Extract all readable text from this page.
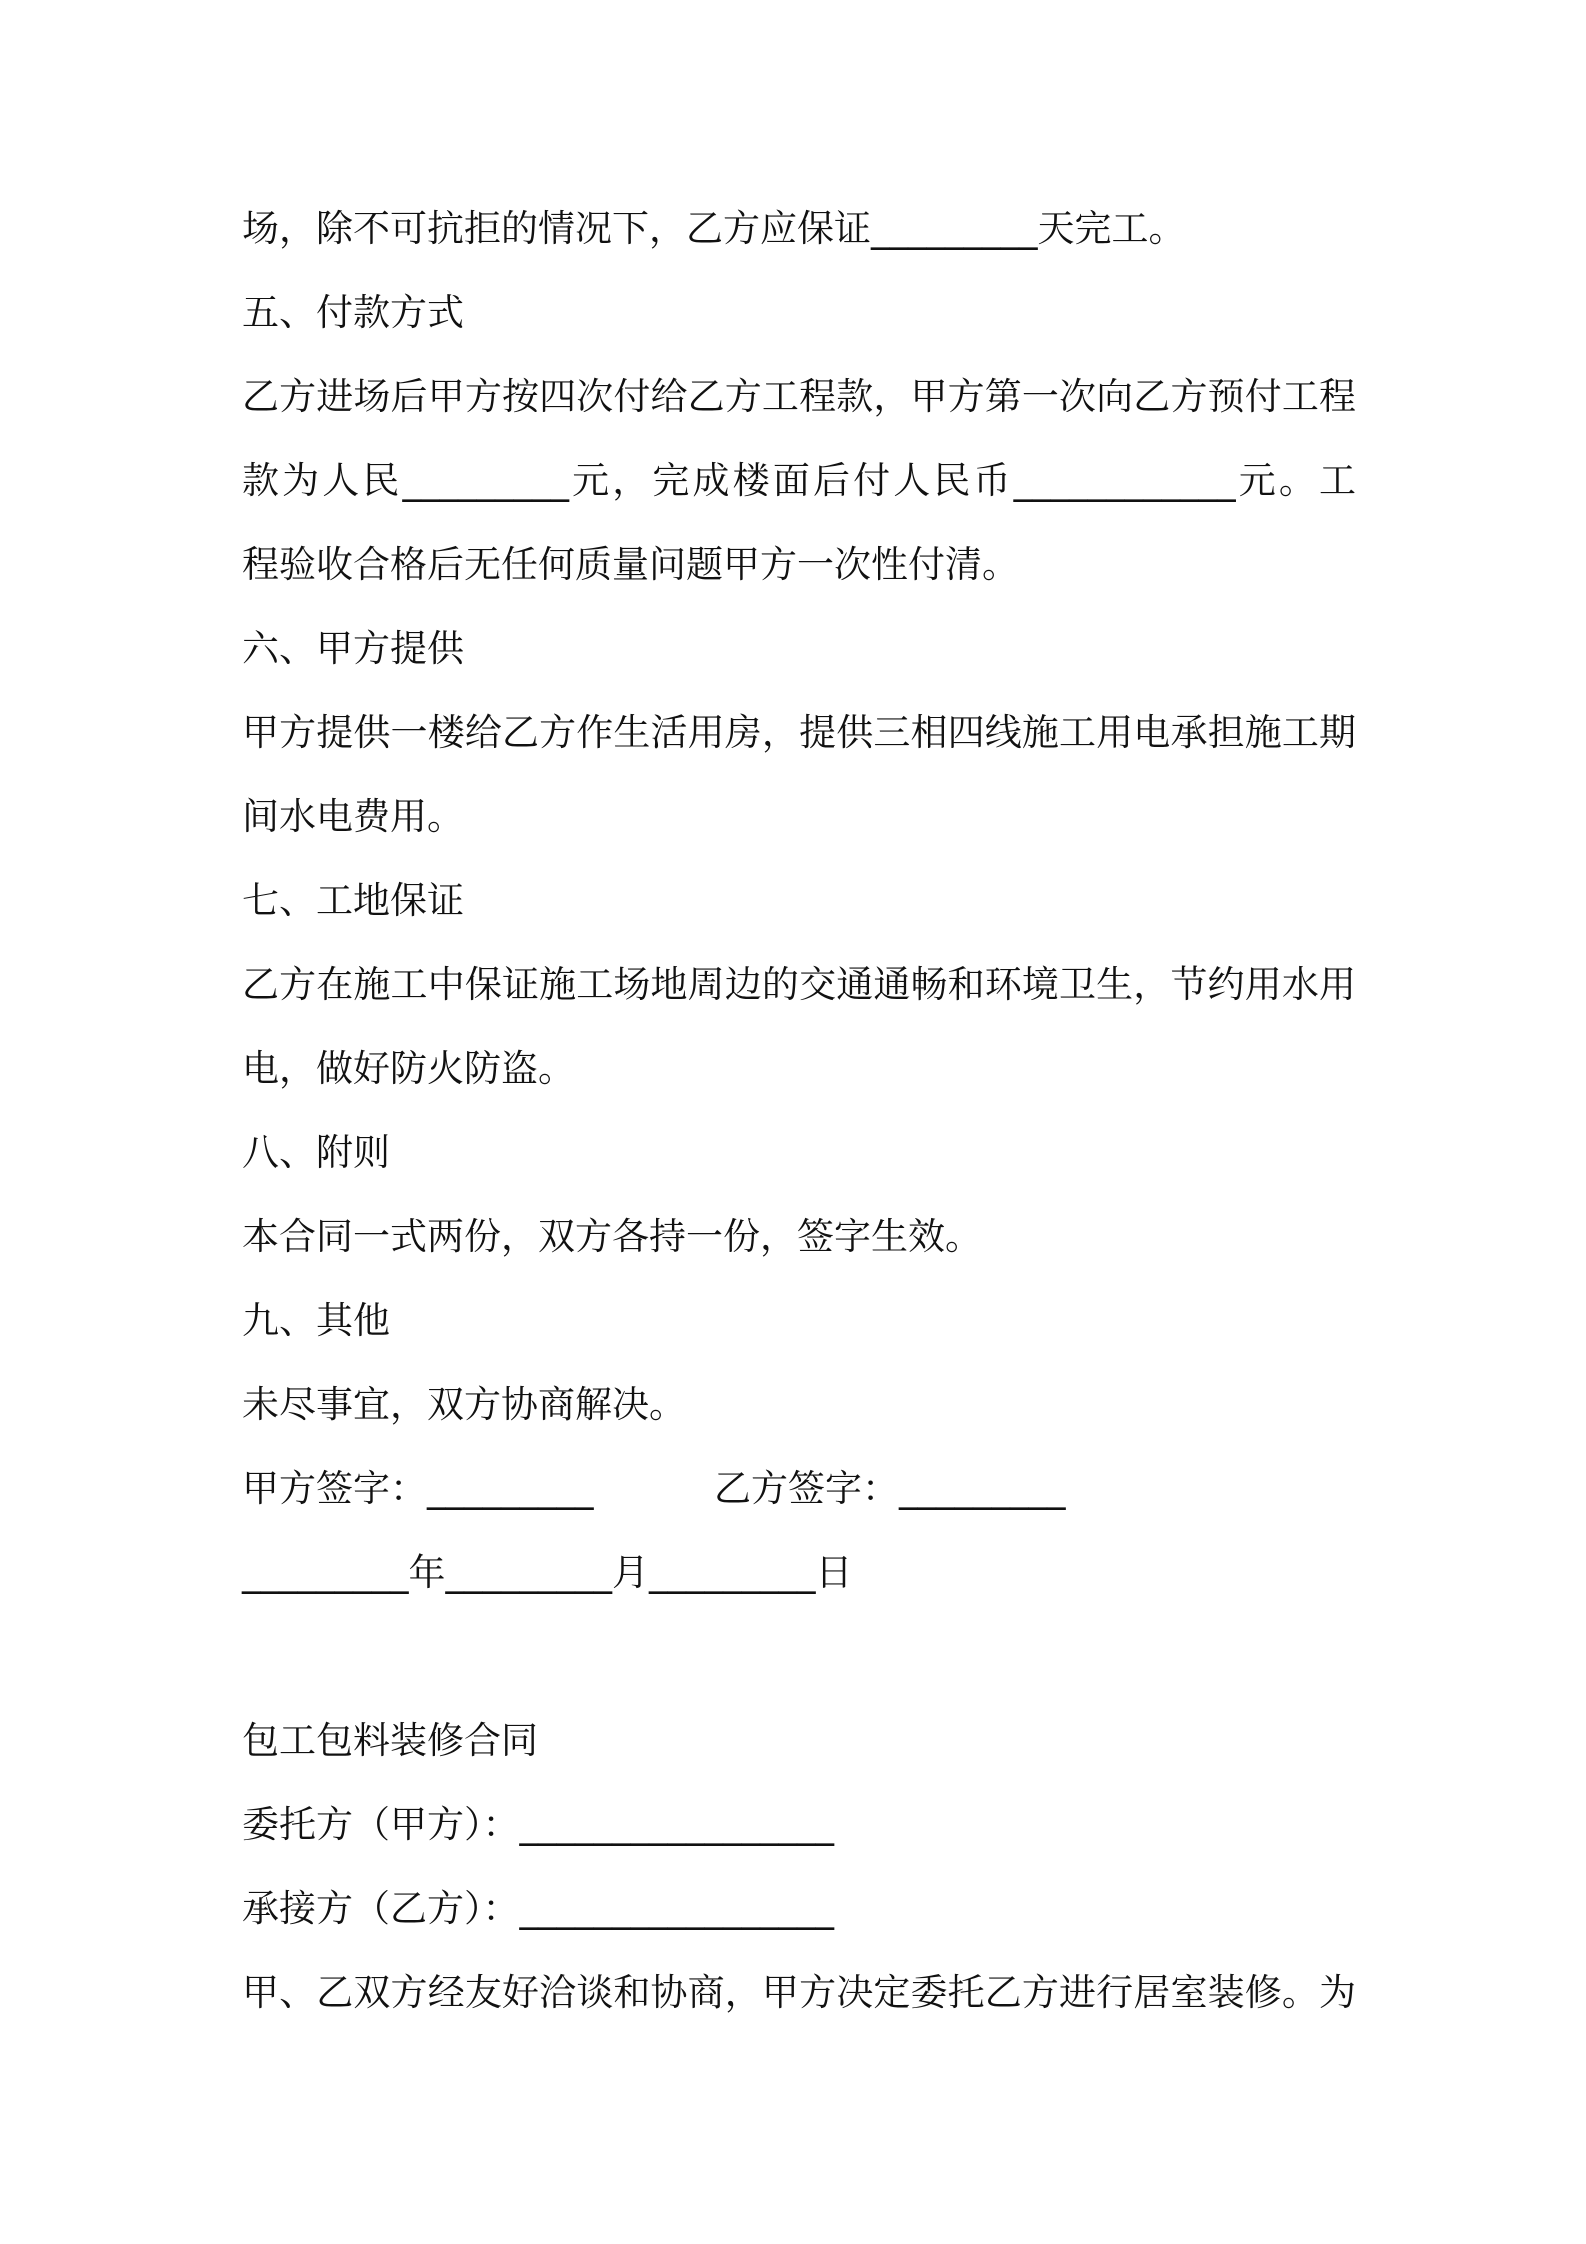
场，除不可抗拒的情况下，乙方应保证_________天完工。
五、付款方式
乙方进场后甲方按四次付给乙方工程款，甲方第一次向乙方预付工程
款为人民_________元，完成楼面后付人民币____________元。工
程验收合格后无任何质量问题甲方一次性付清。
六、甲方提供
甲方提供一楼给乙方作生活用房，提供三相四线施工用电承担施工期
间水电费用。
七、工地保证
乙方在施工中保证施工场地周边的交通通畅和环境卫生，节约用水用
电，做好防火防盗。
八、附则
本合同一式两份，双方各持一份，签字生效。
九、其他
未尽事宜，双方协商解决。
甲方签字：_________	乙方签字：_________
_________年_________月_________日
包工包料装修合同
委托方（甲方）：_________________
承接方（乙方）：_________________
甲、乙双方经友好洽谈和协商，甲方决定委托乙方进行居室装修。为
